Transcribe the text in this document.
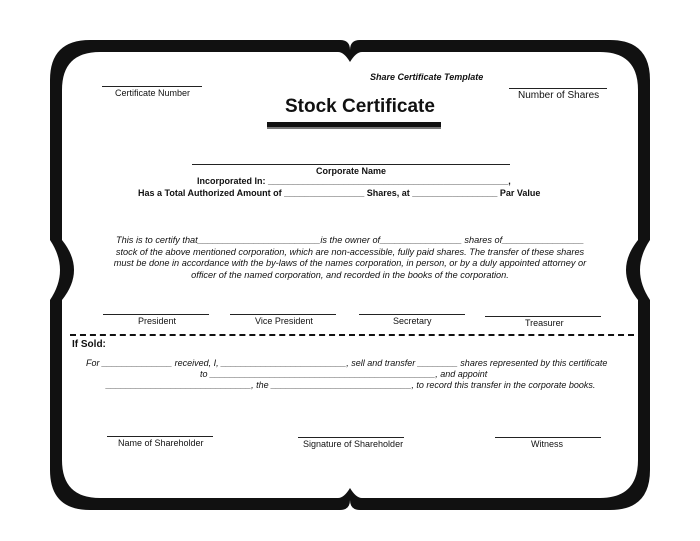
Share Certificate Template
Certificate Number	Number of Shares
Stock Certificate
Corporate Name
Incorporated In: ________________________________________________,
Has a Total Authorized Amount of ________________ Shares, at _________________ Par Value
This is to certify that________________________is the owner of________________ shares of________________
stock of the above mentioned corporation, which are non-accessible, fully paid shares. The transfer of these shares
must be done in accordance with the by-laws of the names corporation, in person, or by a duly appointed attorney or
officer of the named corporation, and recorded in the books of the corporation.
President	Vice President	Secretary	Treasurer
If Sold:
For ______________ received, I, _________________________, sell and transfer ________ shares represented by this certificate
to _____________________________________________, and appoint
_____________________________, the ____________________________, to record this transfer in the corporate books.
Name of Shareholder	Signature of Shareholder	Witness
